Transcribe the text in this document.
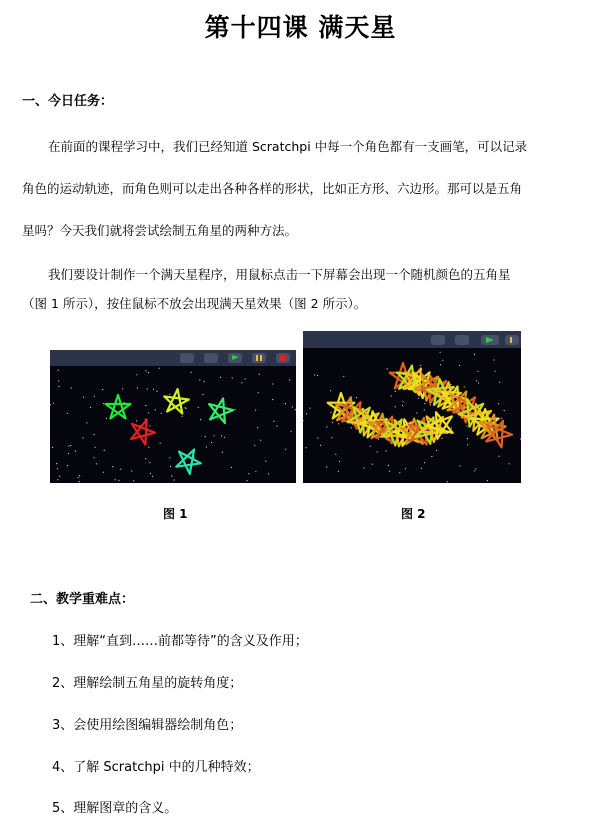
第十四课 满天星
一、今日任务：
在前面的课程学习中，我们已经知道 Scratchpi 中每一个角色都有一支画笔，可以记录
角色的运动轨迹，而角色则可以走出各种各样的形状，比如正方形、六边形。那可以是五角
星吗？今天我们就将尝试绘制五角星的两种方法。
我们要设计制作一个满天星程序，用鼠标点击一下屏幕会出现一个随机颜色的五角星
（图 1 所示），按住鼠标不放会出现满天星效果（图 2 所示）。
图 1	图 2
二、教学重难点：
1、理解“直到……前都等待”的含义及作用；
2、理解绘制五角星的旋转角度；
3、会使用绘图编辑器绘制角色；
4、了解 Scratchpi 中的几种特效；
5、理解图章的含义。
